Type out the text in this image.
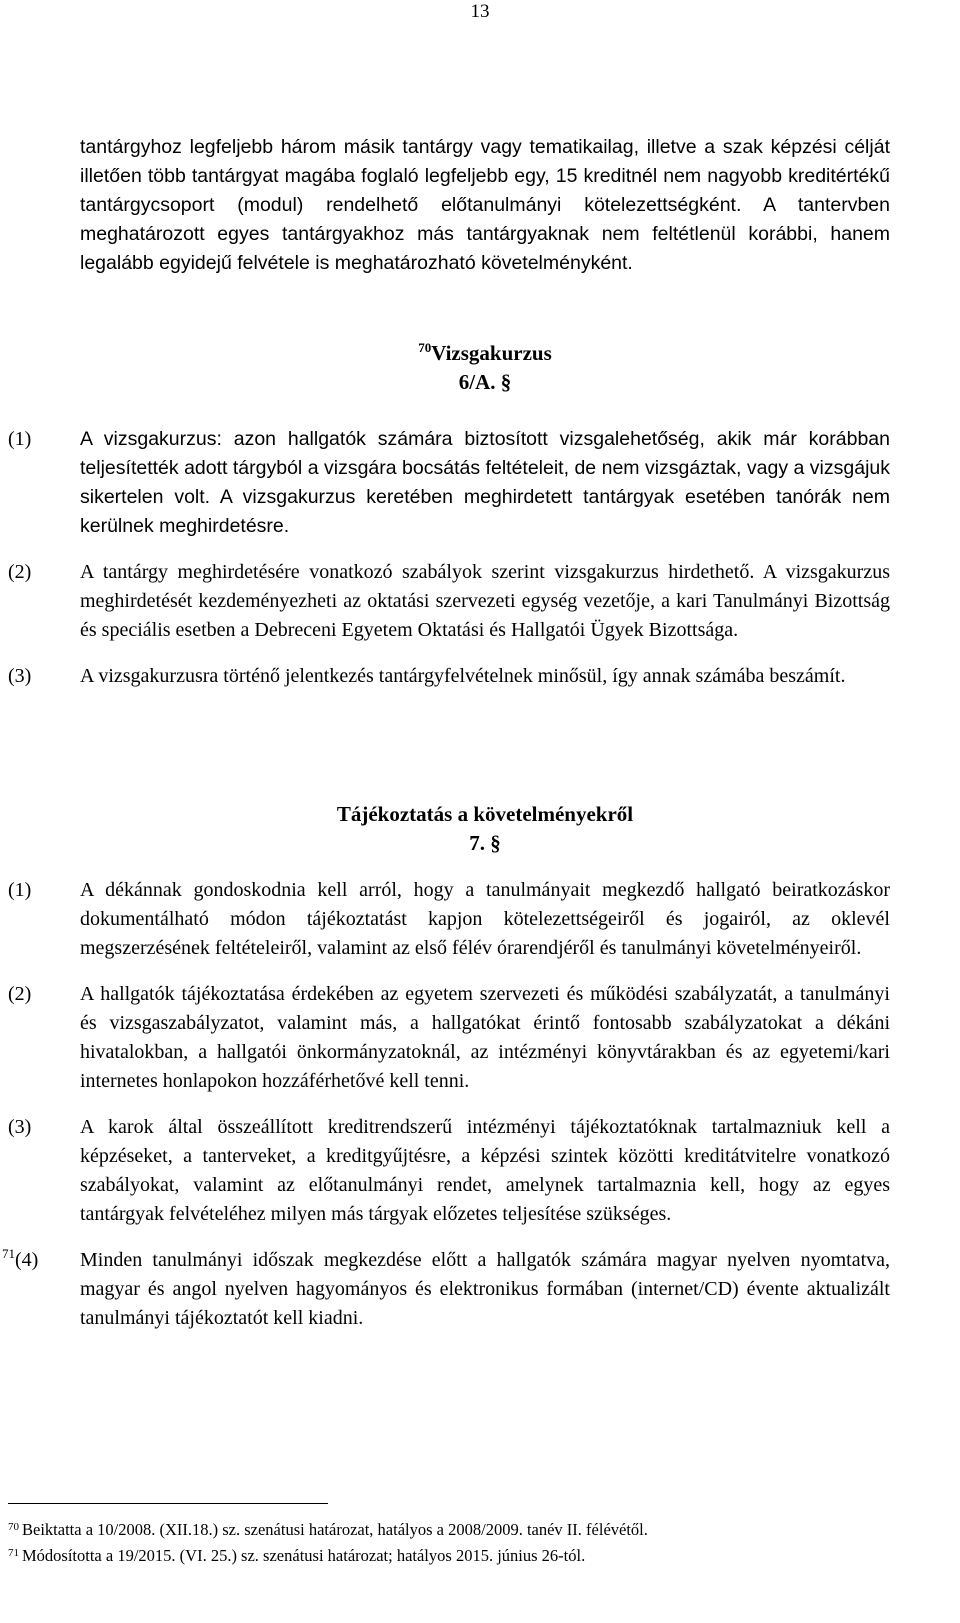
13

tantárgyhoz legfeljebb három másik tantárgy vagy tematikailag, illetve a szak képzési célját illetően több tantárgyat magába foglaló legfeljebb egy, 15 kreditnél nem nagyobb kreditértékű tantárgycsoport (modul) rendelhető előtanulmányi kötelezettségként. A tantervben meghatározott egyes tantárgyakhoz más tantárgyaknak nem feltétlenül korábbi, hanem legalább egyidejű felvétele is meghatározható követelményként.

$^{70}$Vizsgakurzus
6/A. §
(1)	A vizsgakurzus: azon hallgatók számára biztosított vizsgalehetőség, akik már korábban teljesítették adott tárgyból a vizsgára bocsátás feltételeit, de nem vizsgáztak, vagy a vizsgájuk sikertelen volt. A vizsgakurzus keretében meghirdetett tantárgyak esetében tanórák nem kerülnek meghirdetésre.
(2)	A tantárgy meghirdetésére vonatkozó szabályok szerint vizsgakurzus hirdethető. A vizsgakurzus meghirdetését kezdeményezheti az oktatási szervezeti egység vezetője, a kari Tanulmányi Bizottság és speciális esetben a Debreceni Egyetem Oktatási és Hallgatói Ügyek Bizottsága.
(3)	A vizsgakurzusra történő jelentkezés tantárgyfelvételnek minősül, így annak számába beszámít.
Tájékoztatás a követelményekről
7. §
(1)	A dékánnak gondoskodnia kell arról, hogy a tanulmányait megkezdő hallgató beiratkozáskor dokumentálható módon tájékoztatást kapjon kötelezettségeiről és jogairól, az oklevél megszerzésének feltételeiről, valamint az első félév órarendjéről és tanulmányi követelményeiről.
(2)	A hallgatók tájékoztatása érdekében az egyetem szervezeti és működési szabályzatát, a tanulmányi és vizsgaszabályzatot, valamint más, a hallgatókat érintő fontosabb szabályzatokat a dékáni hivatalokban, a hallgatói önkormányzatoknál, az intézményi könyvtárakban és az egyetemi/kari internetes honlapokon hozzáférhetővé kell tenni.
(3)	A karok által összeállított kreditrendszerű intézményi tájékoztatóknak tartalmazniuk kell a képzéseket, a tanterveket, a kreditgyűjtésre, a képzési szintek közötti kreditátvitelre vonatkozó szabályokat, valamint az előtanulmányi rendet, amelynek tartalmaznia kell, hogy az egyes tantárgyak felvételéhez milyen más tárgyak előzetes teljesítése szükséges.
$^{71}$(4)	Minden tanulmányi időszak megkezdése előtt a hallgatók számára magyar nyelven nyomtatva, magyar és angol nyelven hagyományos és elektronikus formában (internet/CD) évente aktualizált tanulmányi tájékoztatót kell kiadni.

$^{70}$ Beiktatta a 10/2008. (XII.18.) sz. szenátusi határozat, hatályos a 2008/2009. tanév II. félévétől.

$^{71}$ Módosította a 19/2015. (VI. 25.) sz. szenátusi határozat; hatályos 2015. június 26-tól.
